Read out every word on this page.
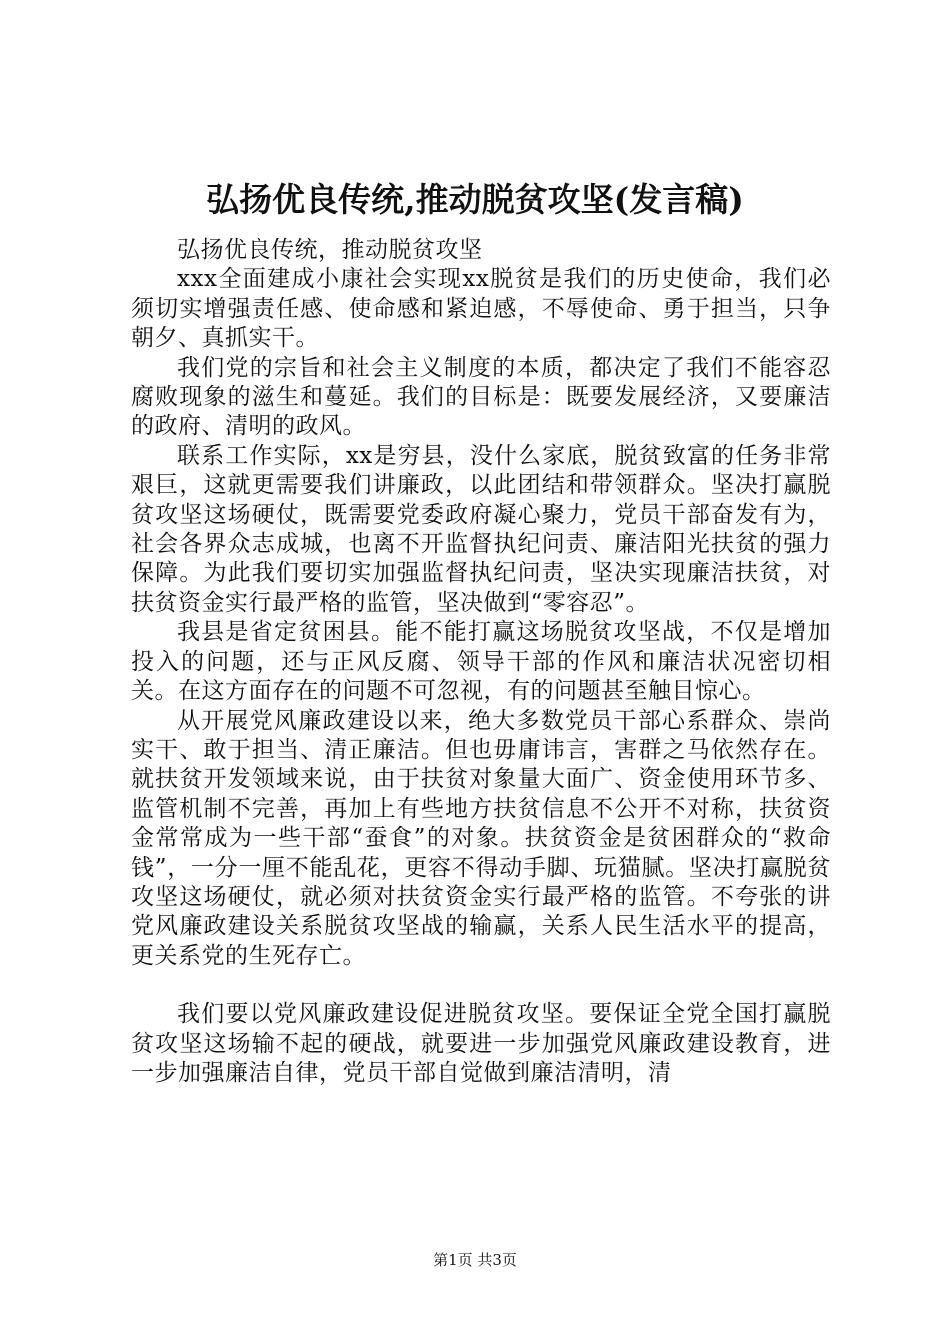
弘扬优良传统,推动脱贫攻坚(发言稿)

弘扬优良传统，推动脱贫攻坚

xxx全面建成小康社会实现xx脱贫是我们的历史使命，我们必须切实增强责任感、使命感和紧迫感，不辱使命、勇于担当，只争朝夕、真抓实干。

我们党的宗旨和社会主义制度的本质，都决定了我们不能容忍腐败现象的滋生和蔓延。我们的目标是：既要发展经济，又要廉洁的政府、清明的政风。

联系工作实际，xx是穷县，没什么家底，脱贫致富的任务非常艰巨，这就更需要我们讲廉政，以此团结和带领群众。坚决打赢脱贫攻坚这场硬仗，既需要党委政府凝心聚力，党员干部奋发有为，社会各界众志成城，也离不开监督执纪问责、廉洁阳光扶贫的强力保障。为此我们要切实加强监督执纪问责，坚决实现廉洁扶贫，对扶贫资金实行最严格的监管，坚决做到“零容忍”。

我县是省定贫困县。能不能打赢这场脱贫攻坚战，不仅是增加投入的问题，还与正风反腐、领导干部的作风和廉洁状况密切相关。在这方面存在的问题不可忽视，有的问题甚至触目惊心。

从开展党风廉政建设以来，绝大多数党员干部心系群众、崇尚实干、敢于担当、清正廉洁。但也毋庸讳言，害群之马依然存在。就扶贫开发领域来说，由于扶贫对象量大面广、资金使用环节多、监管机制不完善，再加上有些地方扶贫信息不公开不对称，扶贫资金常常成为一些干部“蚕食”的对象。扶贫资金是贫困群众的“救命钱”，一分一厘不能乱花，更容不得动手脚、玩猫腻。坚决打赢脱贫攻坚这场硬仗，就必须对扶贫资金实行最严格的监管。不夸张的讲党风廉政建设关系脱贫攻坚战的输赢，关系人民生活水平的提高，更关系党的生死存亡。

我们要以党风廉政建设促进脱贫攻坚。要保证全党全国打赢脱贫攻坚这场输不起的硬战，就要进一步加强党风廉政建设教育，进一步加强廉洁自律，党员干部自觉做到廉洁清明，清

第1页 共3页
